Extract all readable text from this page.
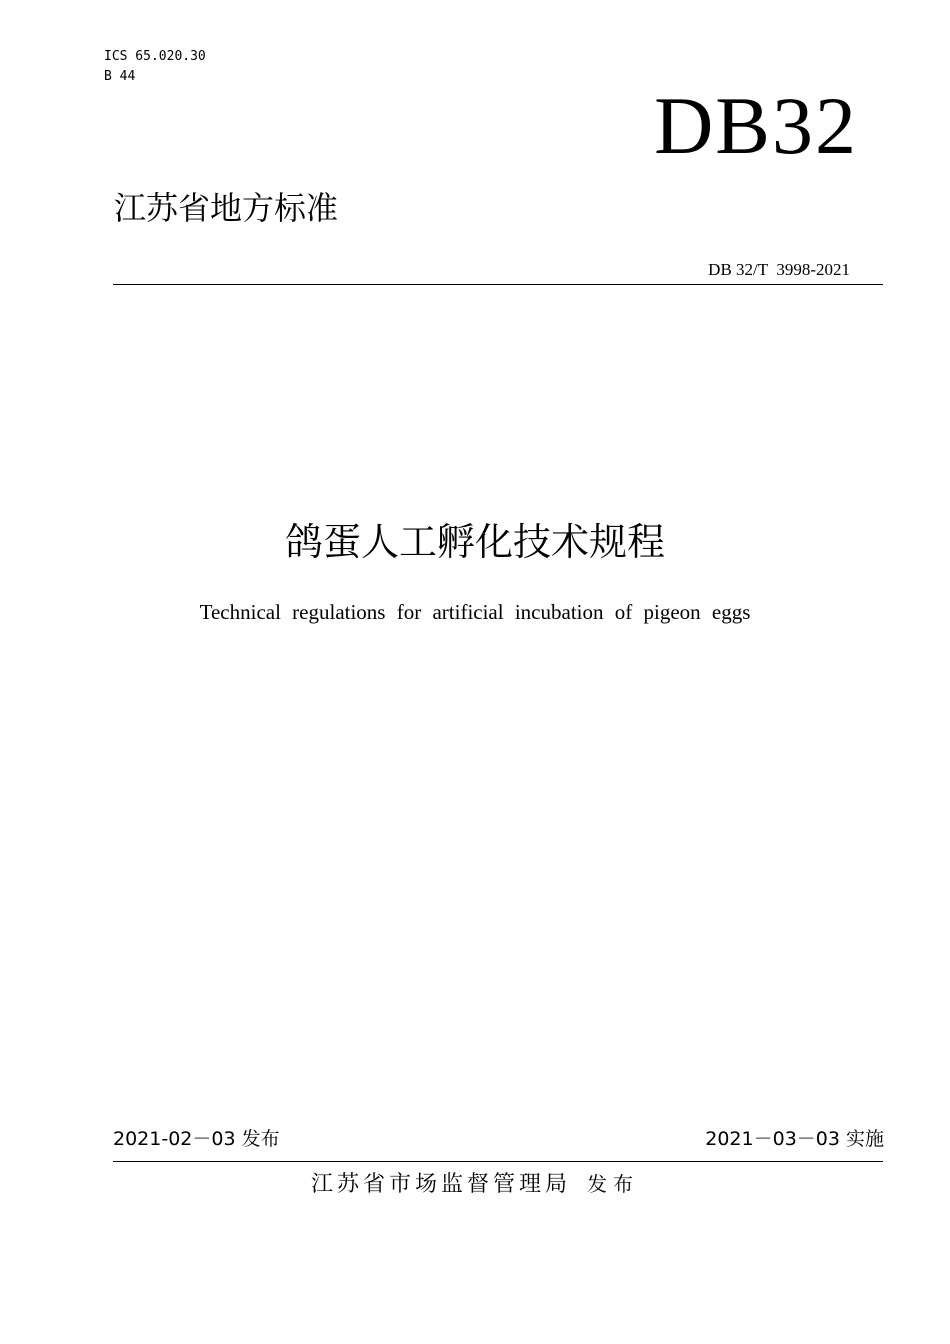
ICS 65.020.30
B 44
DB32
江苏省地方标准
DB 32/T  3998-2021
鸽蛋人工孵化技术规程
Technical regulations for artificial incubation of pigeon eggs
2021-02－03 发布	2021－03－03 实施
江苏省市场监督管理局 发布
